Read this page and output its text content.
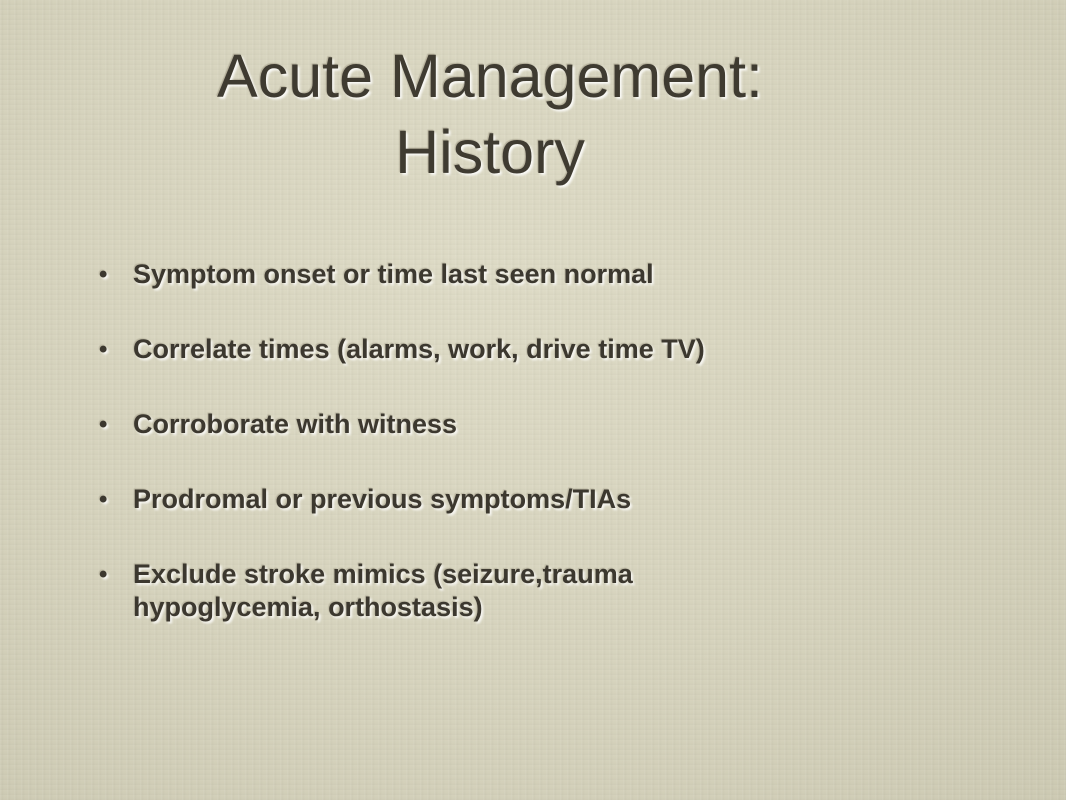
Acute Management:
History
• Symptom onset or time last seen normal
• Correlate times (alarms, work, drive time TV)
• Corroborate with witness
• Prodromal or previous symptoms/TIAs
• Exclude stroke mimics (seizure,trauma
hypoglycemia, orthostasis)
